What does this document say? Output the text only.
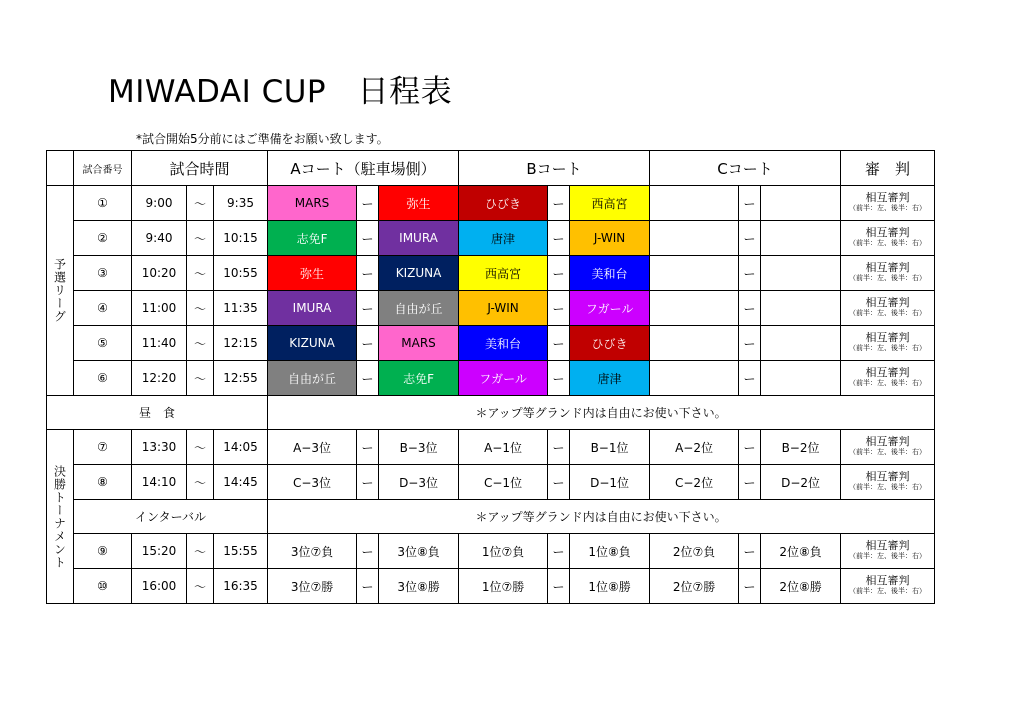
MIWADAI CUP　日程表
*試合開始5分前にはご準備をお願い致します。
	試合番号	試合時間			Aコート（駐車場側）			Bコート			Cコート			審　判

予選リーグ	①	9:00	〜	9:35	MARS	ー	弥生	ひびき	ー	西高宮		ー		相互審判
（前半：左、後半：右）

	②	9:40	〜	10:15	志免F	ー	IMURA	唐津	ー	J-WIN		ー		相互審判
（前半：左、後半：右）

	③	10:20	〜	10:55	弥生	ー	KIZUNA	西高宮	ー	美和台		ー		相互審判
（前半：左、後半：右）

	④	11:00	〜	11:35	IMURA	ー	自由が丘	J-WIN	ー	フガール		ー		相互審判
（前半：左、後半：右）

	⑤	11:40	〜	12:15	KIZUNA	ー	MARS	美和台	ー	ひびき		ー		相互審判
（前半：左、後半：右）

	⑥	12:20	〜	12:55	自由が丘	ー	志免F	フガール	ー	唐津		ー		相互審判
（前半：左、後半：右）

昼　食					＊アップ等グランド内は自由にお使い下さい。									

決勝トーナメント	⑦	13:30	〜	14:05	A−3位	ー	B−3位	A−1位	ー	B−1位	A−2位	ー	B−2位	相互審判
（前半：左、後半：右）

	⑧	14:10	〜	14:45	C−3位	ー	D−3位	C−1位	ー	D−1位	C−2位	ー	D−2位	相互審判
（前半：左、後半：右）

	インターバル				＊アップ等グランド内は自由にお使い下さい。									
	⑨	15:20	〜	15:55	3位⑦負	ー	3位⑧負	1位⑦負	ー	1位⑧負	2位⑦負	ー	2位⑧負	相互審判
（前半：左、後半：右）

	⑩	16:00	〜	16:35	3位⑦勝	ー	3位⑧勝	1位⑦勝	ー	1位⑧勝	2位⑦勝	ー	2位⑧勝	相互審判
（前半：左、後半：右）
